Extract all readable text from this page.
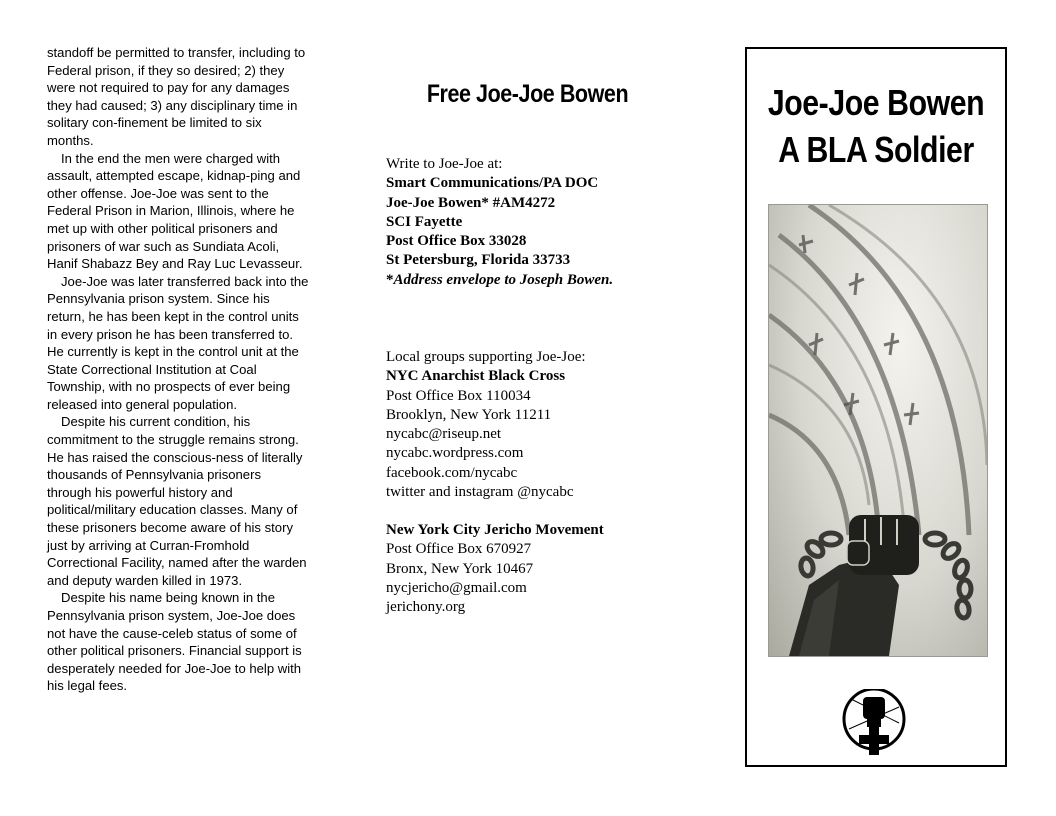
standoff be permitted to transfer, including to Federal prison, if they so desired; 2) they were not required to pay for any damages they had caused; 3) any disciplinary time in solitary con-finement be limited to six months.

In the end the men were charged with assault, attempted escape, kidnap-ping and other offense. Joe-Joe was sent to the Federal Prison in Marion, Illinois, where he met up with other political prisoners and prisoners of war such as Sundiata Acoli, Hanif Shabazz Bey and Ray Luc Levasseur.

Joe-Joe was later transferred back into the Pennsylvania prison system. Since his return, he has been kept in the control units in every prison he has been transferred to. He currently is kept in the control unit at the State Correctional Institution at Coal Township, with no prospects of ever being released into general population.

Despite his current condition, his commitment to the struggle remains strong. He has raised the conscious-ness of literally thousands of Pennsylvania prisoners through his powerful history and political/military education classes. Many of these prisoners become aware of his story just by arriving at Curran-Fromhold Correctional Facility, named after the warden and deputy warden killed in 1973.

Despite his name being known in the Pennsylvania prison system, Joe-Joe does not have the cause-celeb status of some of other political prisoners. Financial support is desperately needed for Joe-Joe to help with his legal fees.

Free Joe-Joe Bowen
Write to Joe-Joe at:
Smart Communications/PA DOC
Joe-Joe Bowen* #AM4272
SCI Fayette
Post Office Box 33028
St Petersburg, Florida 33733
*Address envelope to Joseph Bowen.
Local groups supporting Joe-Joe:
NYC Anarchist Black Cross
Post Office Box 110034
Brooklyn, New York 11211
nycabc@riseup.net
nycabc.wordpress.com
facebook.com/nycabc
twitter and instagram @nycabc
New York City Jericho Movement
Post Office Box 670927
Bronx, New York 10467
nycjericho@gmail.com
jerichony.org
Joe-Joe Bowen
A BLA Soldier
